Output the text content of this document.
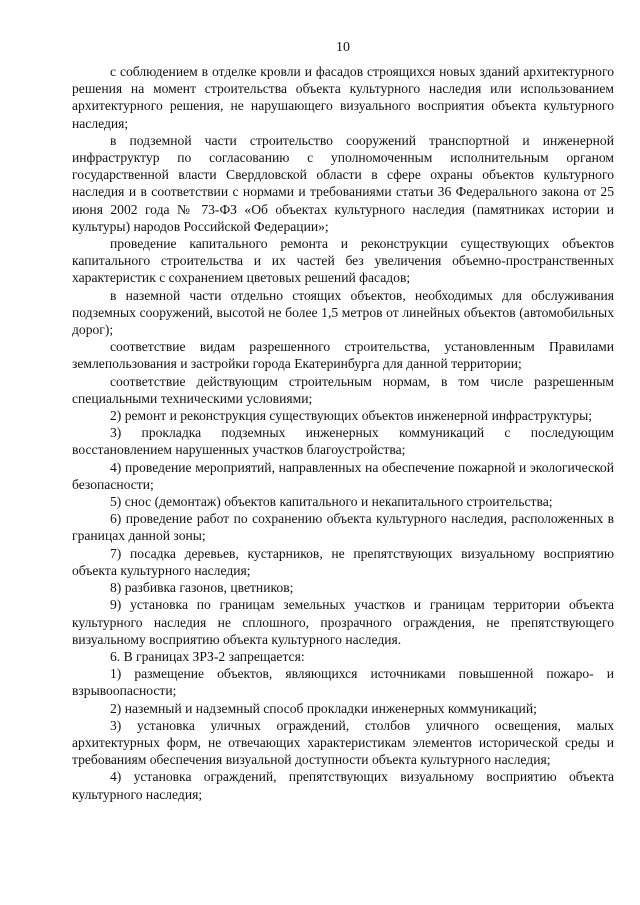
10

с соблюдением в отделке кровли и фасадов строящихся новых зданий архитектурного решения на момент строительства объекта культурного наследия или использованием архитектурного решения, не нарушающего визуального восприятия объекта культурного наследия;

в подземной части строительство сооружений транспортной и инженерной инфраструктур по согласованию с уполномоченным исполнительным органом государственной власти Свердловской области в сфере охраны объектов культурного наследия и в соответствии с нормами и требованиями статьи 36 Федерального закона от 25 июня 2002 года № 73-ФЗ «Об объектах культурного наследия (памятниках истории и культуры) народов Российской Федерации»;

проведение капитального ремонта и реконструкции существующих объектов капитального строительства и их частей без увеличения объемно-пространственных характеристик с сохранением цветовых решений фасадов;

в наземной части отдельно стоящих объектов, необходимых для обслуживания подземных сооружений, высотой не более 1,5 метров от линейных объектов (автомобильных дорог);

соответствие видам разрешенного строительства, установленным Правилами землепользования и застройки города Екатеринбурга для данной территории;

соответствие действующим строительным нормам, в том числе разрешенным специальными техническими условиями;

2) ремонт и реконструкция существующих объектов инженерной инфраструктуры;

3) прокладка подземных инженерных коммуникаций с последующим восстановлением нарушенных участков благоустройства;

4) проведение мероприятий, направленных на обеспечение пожарной и экологической безопасности;

5) снос (демонтаж) объектов капитального и некапитального строительства;

6) проведение работ по сохранению объекта культурного наследия, расположенных в границах данной зоны;

7) посадка деревьев, кустарников, не препятствующих визуальному восприятию объекта культурного наследия;

8) разбивка газонов, цветников;

9) установка по границам земельных участков и границам территории объекта культурного наследия не сплошного, прозрачного ограждения, не препятствующего визуальному восприятию объекта культурного наследия.

6. В границах ЗРЗ-2 запрещается:

1) размещение объектов, являющихся источниками повышенной пожаро- и взрывоопасности;

2) наземный и надземный способ прокладки инженерных коммуникаций;

3) установка уличных ограждений, столбов уличного освещения, малых архитектурных форм, не отвечающих характеристикам элементов исторической среды и требованиям обеспечения визуальной доступности объекта культурного наследия;

4) установка ограждений, препятствующих визуальному восприятию объекта культурного наследия;
